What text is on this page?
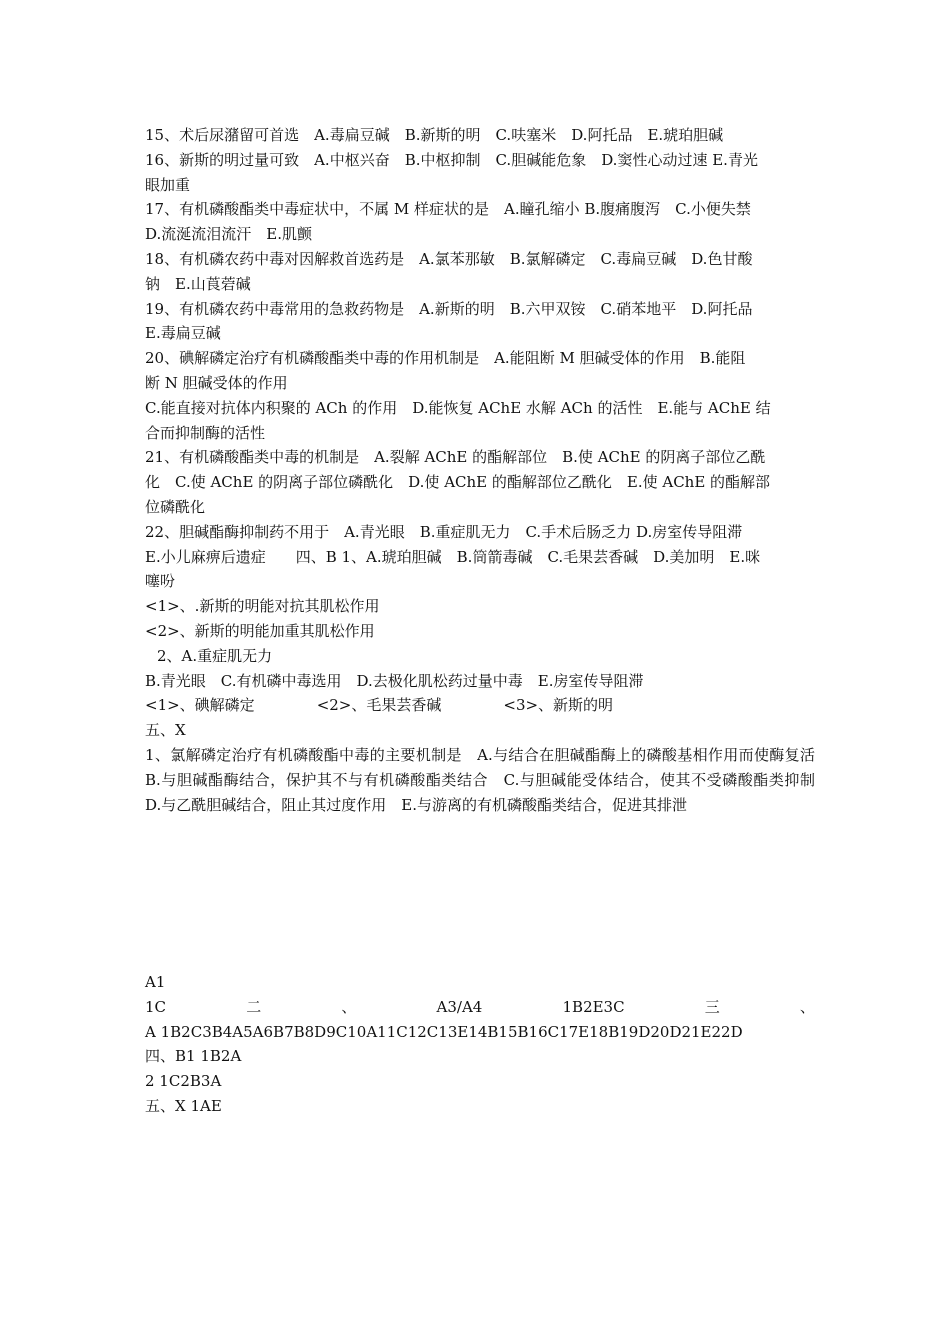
15、术后尿潴留可首选　A.毒扁豆碱　B.新斯的明　C.呋塞米　D.阿托品　E.琥珀胆碱
16、新斯的明过量可致　A.中枢兴奋　B.中枢抑制　C.胆碱能危象　D.窦性心动过速 E.青光
眼加重
17、有机磷酸酯类中毒症状中，不属 M 样症状的是　A.瞳孔缩小 B.腹痛腹泻　C.小便失禁
D.流涎流泪流汗　E.肌颤
18、有机磷农药中毒对因解救首选药是　A.氯苯那敏　B.氯解磷定　C.毒扁豆碱　D.色甘酸
钠　E.山莨菪碱
19、有机磷农药中毒常用的急救药物是　A.新斯的明　B.六甲双铵　C.硝苯地平　D.阿托品
E.毒扁豆碱
20、碘解磷定治疗有机磷酸酯类中毒的作用机制是　A.能阻断 M 胆碱受体的作用　B.能阻
断 N 胆碱受体的作用
C.能直接对抗体内积聚的 ACh 的作用　D.能恢复 AChE 水解 ACh 的活性　E.能与 AChE 结
合而抑制酶的活性
21、有机磷酸酯类中毒的机制是　A.裂解 AChE 的酯解部位　B.使 AChE 的阴离子部位乙酰
化　C.使 AChE 的阴离子部位磷酰化　D.使 AChE 的酯解部位乙酰化　E.使 AChE 的酯解部
位磷酰化
22、胆碱酯酶抑制药不用于　A.青光眼　B.重症肌无力　C.手术后肠乏力 D.房室传导阻滞
E.小儿麻痹后遗症　　四、B 1、A.琥珀胆碱　B.筒箭毒碱　C.毛果芸香碱　D.美加明　E.咪
噻吩
<1>、.新斯的明能对抗其肌松作用
<2>、新斯的明能加重其肌松作用
2、A.重症肌无力
B.青光眼　C.有机磷中毒选用　D.去极化肌松药过量中毒　E.房室传导阻滞
<1>、碘解磷定	<2>、毛果芸香碱	<3>、新斯的明
五、X
1、氯解磷定治疗有机磷酸酯中毒的主要机制是　A.与结合在胆碱酯酶上的磷酸基相作用而使酶复活　B.与胆碱酯酶结合，保护其不与有机磷酸酯类结合　C.与胆碱能受体结合，使其不受磷酸酯类抑制　D.与乙酰胆碱结合，阻止其过度作用　E.与游离的有机磷酸酯类结合，促进其排泄
A1
1C	二	、	A3/A4	1B2E3C	三	、
A 1B2C3B4A5A6B7B8D9C10A11C12C13E14B15B16C17E18B19D20D21E22D
四、B1 1B2A
2 1C2B3A
五、X 1AE
